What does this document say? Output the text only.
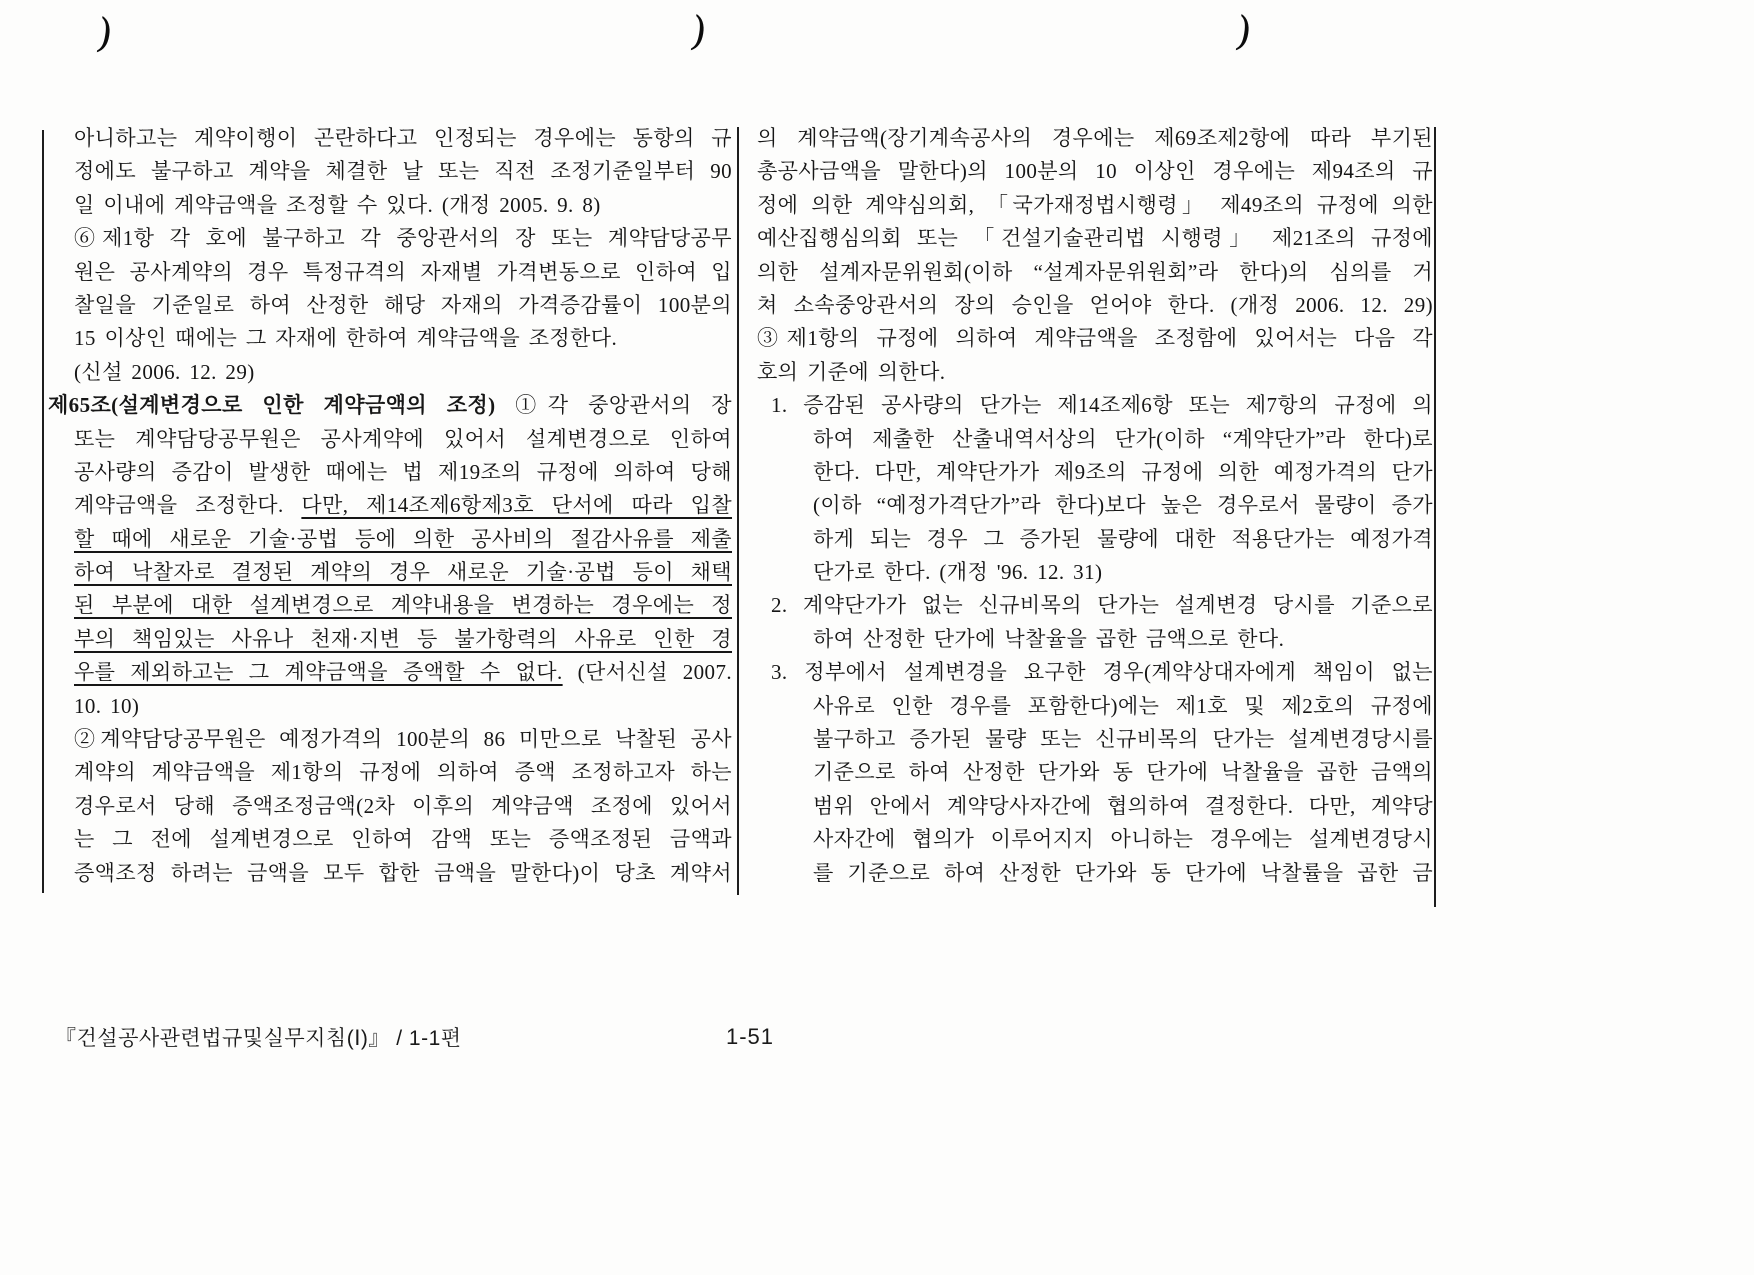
)	)	)
아니하고는 계약이행이 곤란하다고 인정되는 경우에는 동항의 규
정에도 불구하고 계약을 체결한 날 또는 직전 조정기준일부터 90
일 이내에 계약금액을 조정할 수 있다. (개정 2005. 9. 8)
⑥제1항 각 호에 불구하고 각 중앙관서의 장 또는 계약담당공무
원은 공사계약의 경우 특정규격의 자재별 가격변동으로 인하여 입
찰일을 기준일로 하여 산정한 해당 자재의 가격증감률이 100분의
15 이상인 때에는 그 자재에 한하여 계약금액을 조정한다.
(신설 2006. 12. 29)
제65조(설계변경으로 인한 계약금액의 조정) ①각 중앙관서의 장
또는 계약담당공무원은 공사계약에 있어서 설계변경으로 인하여
공사량의 증감이 발생한 때에는 법 제19조의 규정에 의하여 당해
계약금액을 조정한다. 다만, 제14조제6항제3호 단서에 따라 입찰
할 때에 새로운 기술·공법 등에 의한 공사비의 절감사유를 제출
하여 낙찰자로 결정된 계약의 경우 새로운 기술·공법 등이 채택
된 부분에 대한 설계변경으로 계약내용을 변경하는 경우에는 정
부의 책임있는 사유나 천재·지변 등 불가항력의 사유로 인한 경
우를 제외하고는 그 계약금액을 증액할 수 없다. (단서신설 2007.
10. 10)
②계약담당공무원은 예정가격의 100분의 86 미만으로 낙찰된 공사
계약의 계약금액을 제1항의 규정에 의하여 증액 조정하고자 하는
경우로서 당해 증액조정금액(2차 이후의 계약금액 조정에 있어서
는 그 전에 설계변경으로 인하여 감액 또는 증액조정된 금액과
증액조정 하려는 금액을 모두 합한 금액을 말한다)이 당초 계약서
의 계약금액(장기계속공사의 경우에는 제69조제2항에 따라 부기된
총공사금액을 말한다)의 100분의 10 이상인 경우에는 제94조의 규
정에 의한 계약심의회, 「국가재정법시행령」 제49조의 규정에 의한
예산집행심의회 또는 「건설기술관리법 시행령」 제21조의 규정에
의한 설계자문위원회(이하 “설계자문위원회”라 한다)의 심의를 거
쳐 소속중앙관서의 장의 승인을 얻어야 한다. (개정 2006. 12. 29)
③제1항의 규정에 의하여 계약금액을 조정함에 있어서는 다음 각
호의 기준에 의한다.
1. 증감된 공사량의 단가는 제14조제6항 또는 제7항의 규정에 의
하여 제출한 산출내역서상의 단가(이하 “계약단가”라 한다)로
한다. 다만, 계약단가가 제9조의 규정에 의한 예정가격의 단가
(이하 “예정가격단가”라 한다)보다 높은 경우로서 물량이 증가
하게 되는 경우 그 증가된 물량에 대한 적용단가는 예정가격
단가로 한다. (개정 '96. 12. 31)
2. 계약단가가 없는 신규비목의 단가는 설계변경 당시를 기준으로
하여 산정한 단가에 낙찰율을 곱한 금액으로 한다.
3. 정부에서 설계변경을 요구한 경우(계약상대자에게 책임이 없는
사유로 인한 경우를 포함한다)에는 제1호 및 제2호의 규정에
불구하고 증가된 물량 또는 신규비목의 단가는 설계변경당시를
기준으로 하여 산정한 단가와 동 단가에 낙찰율을 곱한 금액의
범위 안에서 계약당사자간에 협의하여 결정한다. 다만, 계약당
사자간에 협의가 이루어지지 아니하는 경우에는 설계변경당시
를 기준으로 하여 산정한 단가와 동 단가에 낙찰률을 곱한 금
『건설공사관련법규및실무지침(Ⅰ)』 / 1-1편	1-51
